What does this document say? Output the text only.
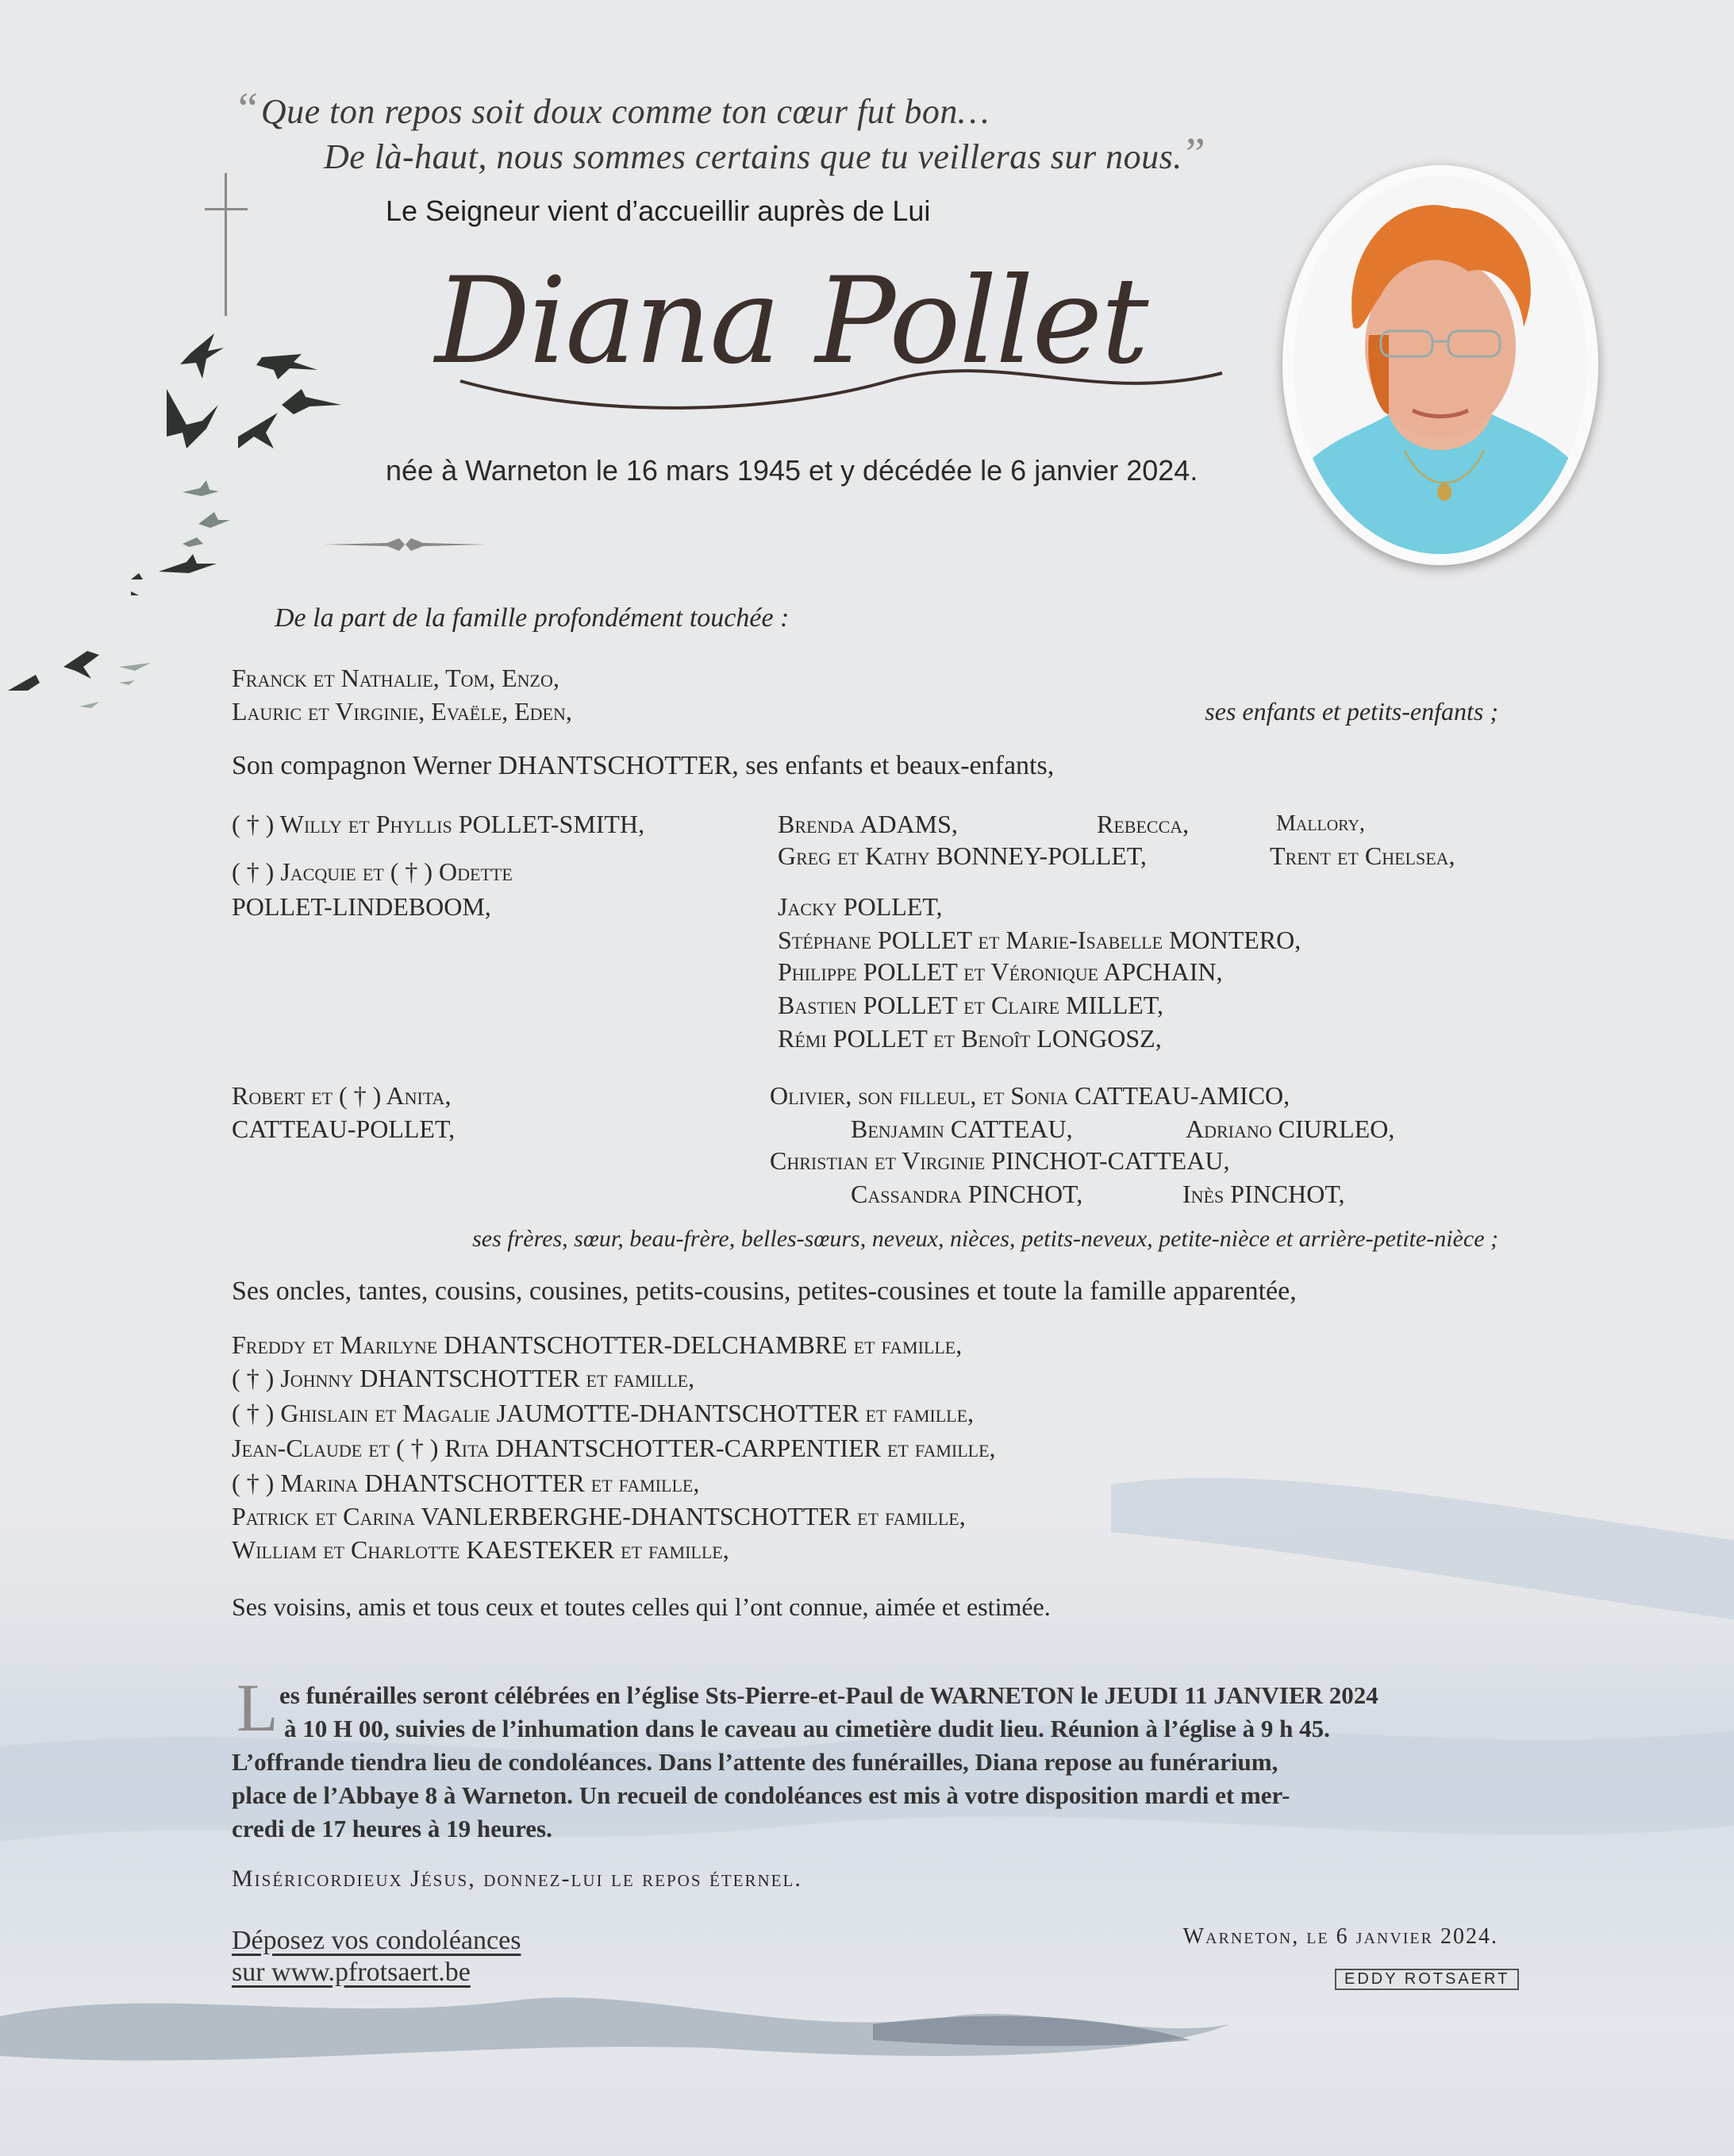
“ Que ton repos soit doux comme ton cœur fut bon…
De là-haut, nous sommes certains que tu veilleras sur nous. ”
Le Seigneur vient d’accueillir auprès de Lui
Diana Pollet
née à Warneton le 16 mars 1945 et y décédée le 6 janvier 2024.
De la part de la famille profondément touchée :
Franck et Nathalie, Tom, Enzo,
Lauric et Virginie, Evaële, Eden,	ses enfants et petits-enfants ;
Son compagnon Werner DHANTSCHOTTER, ses enfants et beaux-enfants,
( † ) Willy et Phyllis POLLET-SMITH,
( † ) Jacquie et ( † ) Odette
POLLET-LINDEBOOM,
Robert et ( † ) Anita,
CATTEAU-POLLET,
Brenda ADAMS,	Rebecca,	Mallory,
Greg et Kathy BONNEY-POLLET,	Trent et Chelsea,
Jacky POLLET,
Stéphane POLLET et Marie-Isabelle MONTERO,
Philippe POLLET et Véronique APCHAIN,
Bastien POLLET et Claire MILLET,
Rémi POLLET et Benoît LONGOSZ,
Olivier, son filleul, et Sonia CATTEAU-AMICO,
Benjamin CATTEAU,	Adriano CIURLEO,
Christian et Virginie PINCHOT-CATTEAU,
Cassandra PINCHOT,	Inès PINCHOT,
ses frères, sœur, beau-frère, belles-sœurs, neveux, nièces, petits-neveux, petite-nièce et arrière-petite-nièce ;
Ses oncles, tantes, cousins, cousines, petits-cousins, petites-cousines et toute la famille apparentée,
Freddy et Marilyne DHANTSCHOTTER-DELCHAMBRE et famille,
( † ) Johnny DHANTSCHOTTER et famille,
( † ) Ghislain et Magalie JAUMOTTE-DHANTSCHOTTER et famille,
Jean-Claude et ( † ) Rita DHANTSCHOTTER-CARPENTIER et famille,
( † ) Marina DHANTSCHOTTER et famille,
Patrick et Carina VANLERBERGHE-DHANTSCHOTTER et famille,
William et Charlotte KAESTEKER et famille,
Ses voisins, amis et tous ceux et toutes celles qui l’ont connue, aimée et estimée.
L es funérailles seront célébrées en l’église Sts-Pierre-et-Paul de WARNETON le JEUDI 11 JANVIER 2024
à 10 H 00, suivies de l’inhumation dans le caveau au cimetière dudit lieu. Réunion à l’église à 9 h 45.
L’offrande tiendra lieu de condoléances. Dans l’attente des funérailles, Diana repose au funérarium,
place de l’Abbaye 8 à Warneton. Un recueil de condoléances est mis à votre disposition mardi et mer-
credi de 17 heures à 19 heures.
Miséricordieux Jésus, donnez-lui le repos éternel.
Déposez vos condoléances
sur www.pfrotsaert.be
Warneton, le 6 janvier 2024.
EDDY ROTSAERT
